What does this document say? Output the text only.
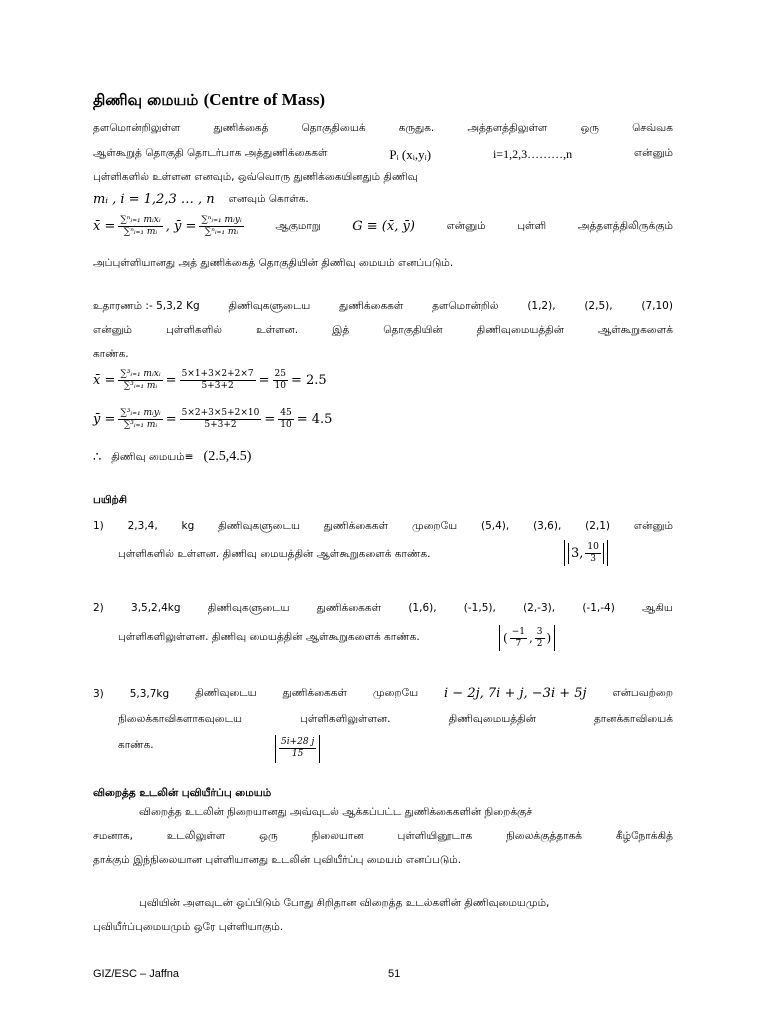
திணிவு மையம் (Centre of Mass)
தளமொன்றிலுள்ள	துணிக்கைத்	தொகுதியைக்	கருதுக.	அத்தளத்திலுள்ள	ஒரு	செவ்வக
ஆள்கூறுத் தொகுதி தொடர்பாக அத்துணிக்கைகள்	Pᵢ (xᵢ,yᵢ)	i=1,2,3………,n	என்னும்
புள்ளிகளில் உள்ளன எனவும், ஒவ்வொரு துணிக்கையினதும் திணிவு
mᵢ , i = 1,2,3 … , n எனவும் கொள்க.
x̄ = $\frac{\text{∑ⁿᵢ₌₁ mᵢxᵢ}}{\text{∑ⁿᵢ₌₁ mᵢ}}$ , ȳ = $\frac{\text{∑ⁿᵢ₌₁ mᵢyᵢ}}{\text{∑ⁿᵢ₌₁ mᵢ}}$	ஆகுமாறு G ≡ (x̄, ȳ)	என்னும்	புள்ளி	அத்தளத்திலிருக்கும்
அப்புள்ளியானது அத் துணிக்கைத் தொகுதியின் திணிவு மையம் எனப்படும்.
உதாரணம் :- 5,3,2 Kg	திணிவுகளுடைய	துணிக்கைகள்	தளமொன்றில்	(1,2),	(2,5),	(7,10)
என்னும்	புள்ளிகளில்	உள்ளன.	இத்	தொகுதியின்	திணிவுமையத்தின்	ஆள்கூறுகளைக்
காண்க.
x̄ = $\frac{\text{∑³ᵢ₌₁ mᵢxᵢ}}{\text{∑³ᵢ₌₁ mᵢ}} = \frac{5\times 1+3\times 2+2\times 7}{5+3+2} = \frac{25}{10} = 2.5$
ȳ = $\frac{\text{∑³ᵢ₌₁ mᵢyᵢ}}{\text{∑³ᵢ₌₁ mᵢ}} = \frac{5\times 2+3\times 5+2\times 10}{5+3+2} = \frac{45}{10} = 4.5$
∴ திணிவு மையம்≡ (2.5,4.5)
பயிற்சி
1) 2,3,4, kg திணிவுகளுடைய துணிக்கைகள் முறையே (5,4), (3,6), (2,1) என்னும்
புள்ளிகளில் உள்ளன. திணிவு மையத்தின் ஆள்கூறுகளைக் காண்க.	3, $\frac{10}{3}$
2)	3,5,2,4kg	திணிவுகளுடைய	துணிக்கைகள்	(1,6),	(-1,5),	(2,-3),	(-1,-4)	ஆகிய
புள்ளிகளிலுள்ளன. திணிவு மையத்தின் ஆள்கூறுகளைக் காண்க.	( $\frac{-1}{7}$ , $\frac{3}{2}$ )
3) 5,3,7kg திணிவுடைய துணிக்கைகள் முறையே i − 2j, 7i + j, −3i + 5j என்பவற்றை
நிலைக்காவிகளாகவுடைய	புள்ளிகளிலுள்ளன.	திணிவுமையத்தின்	தானக்காவியைக்
காண்க.	$\frac{5i+28 j}{15}$
விறைத்த உடலின் புவியீர்ப்பு மையம்
விறைத்த உடலின் நிறையானது அவ்வுடல் ஆக்கப்பட்ட துணிக்கைகளின் நிறைக்குச்
சமனாக,	உடலிலுள்ள	ஒரு	நிலையான	புள்ளியினூடாக	நிலைக்குத்தாகக்	கீழ்நோக்கித்
தாக்கும் இந்நிலையான புள்ளியானது உடலின் புவியீர்ப்பு மையம் எனப்படும்.
புவியின் அளவுடன் ஒப்பிடும் போது சிறிதான விறைத்த உடல்களின் திணிவுமையமும்,
புவியீர்ப்புமையமும் ஒரே புள்ளியாகும்.
GIZ/ESC – Jaffna	51
